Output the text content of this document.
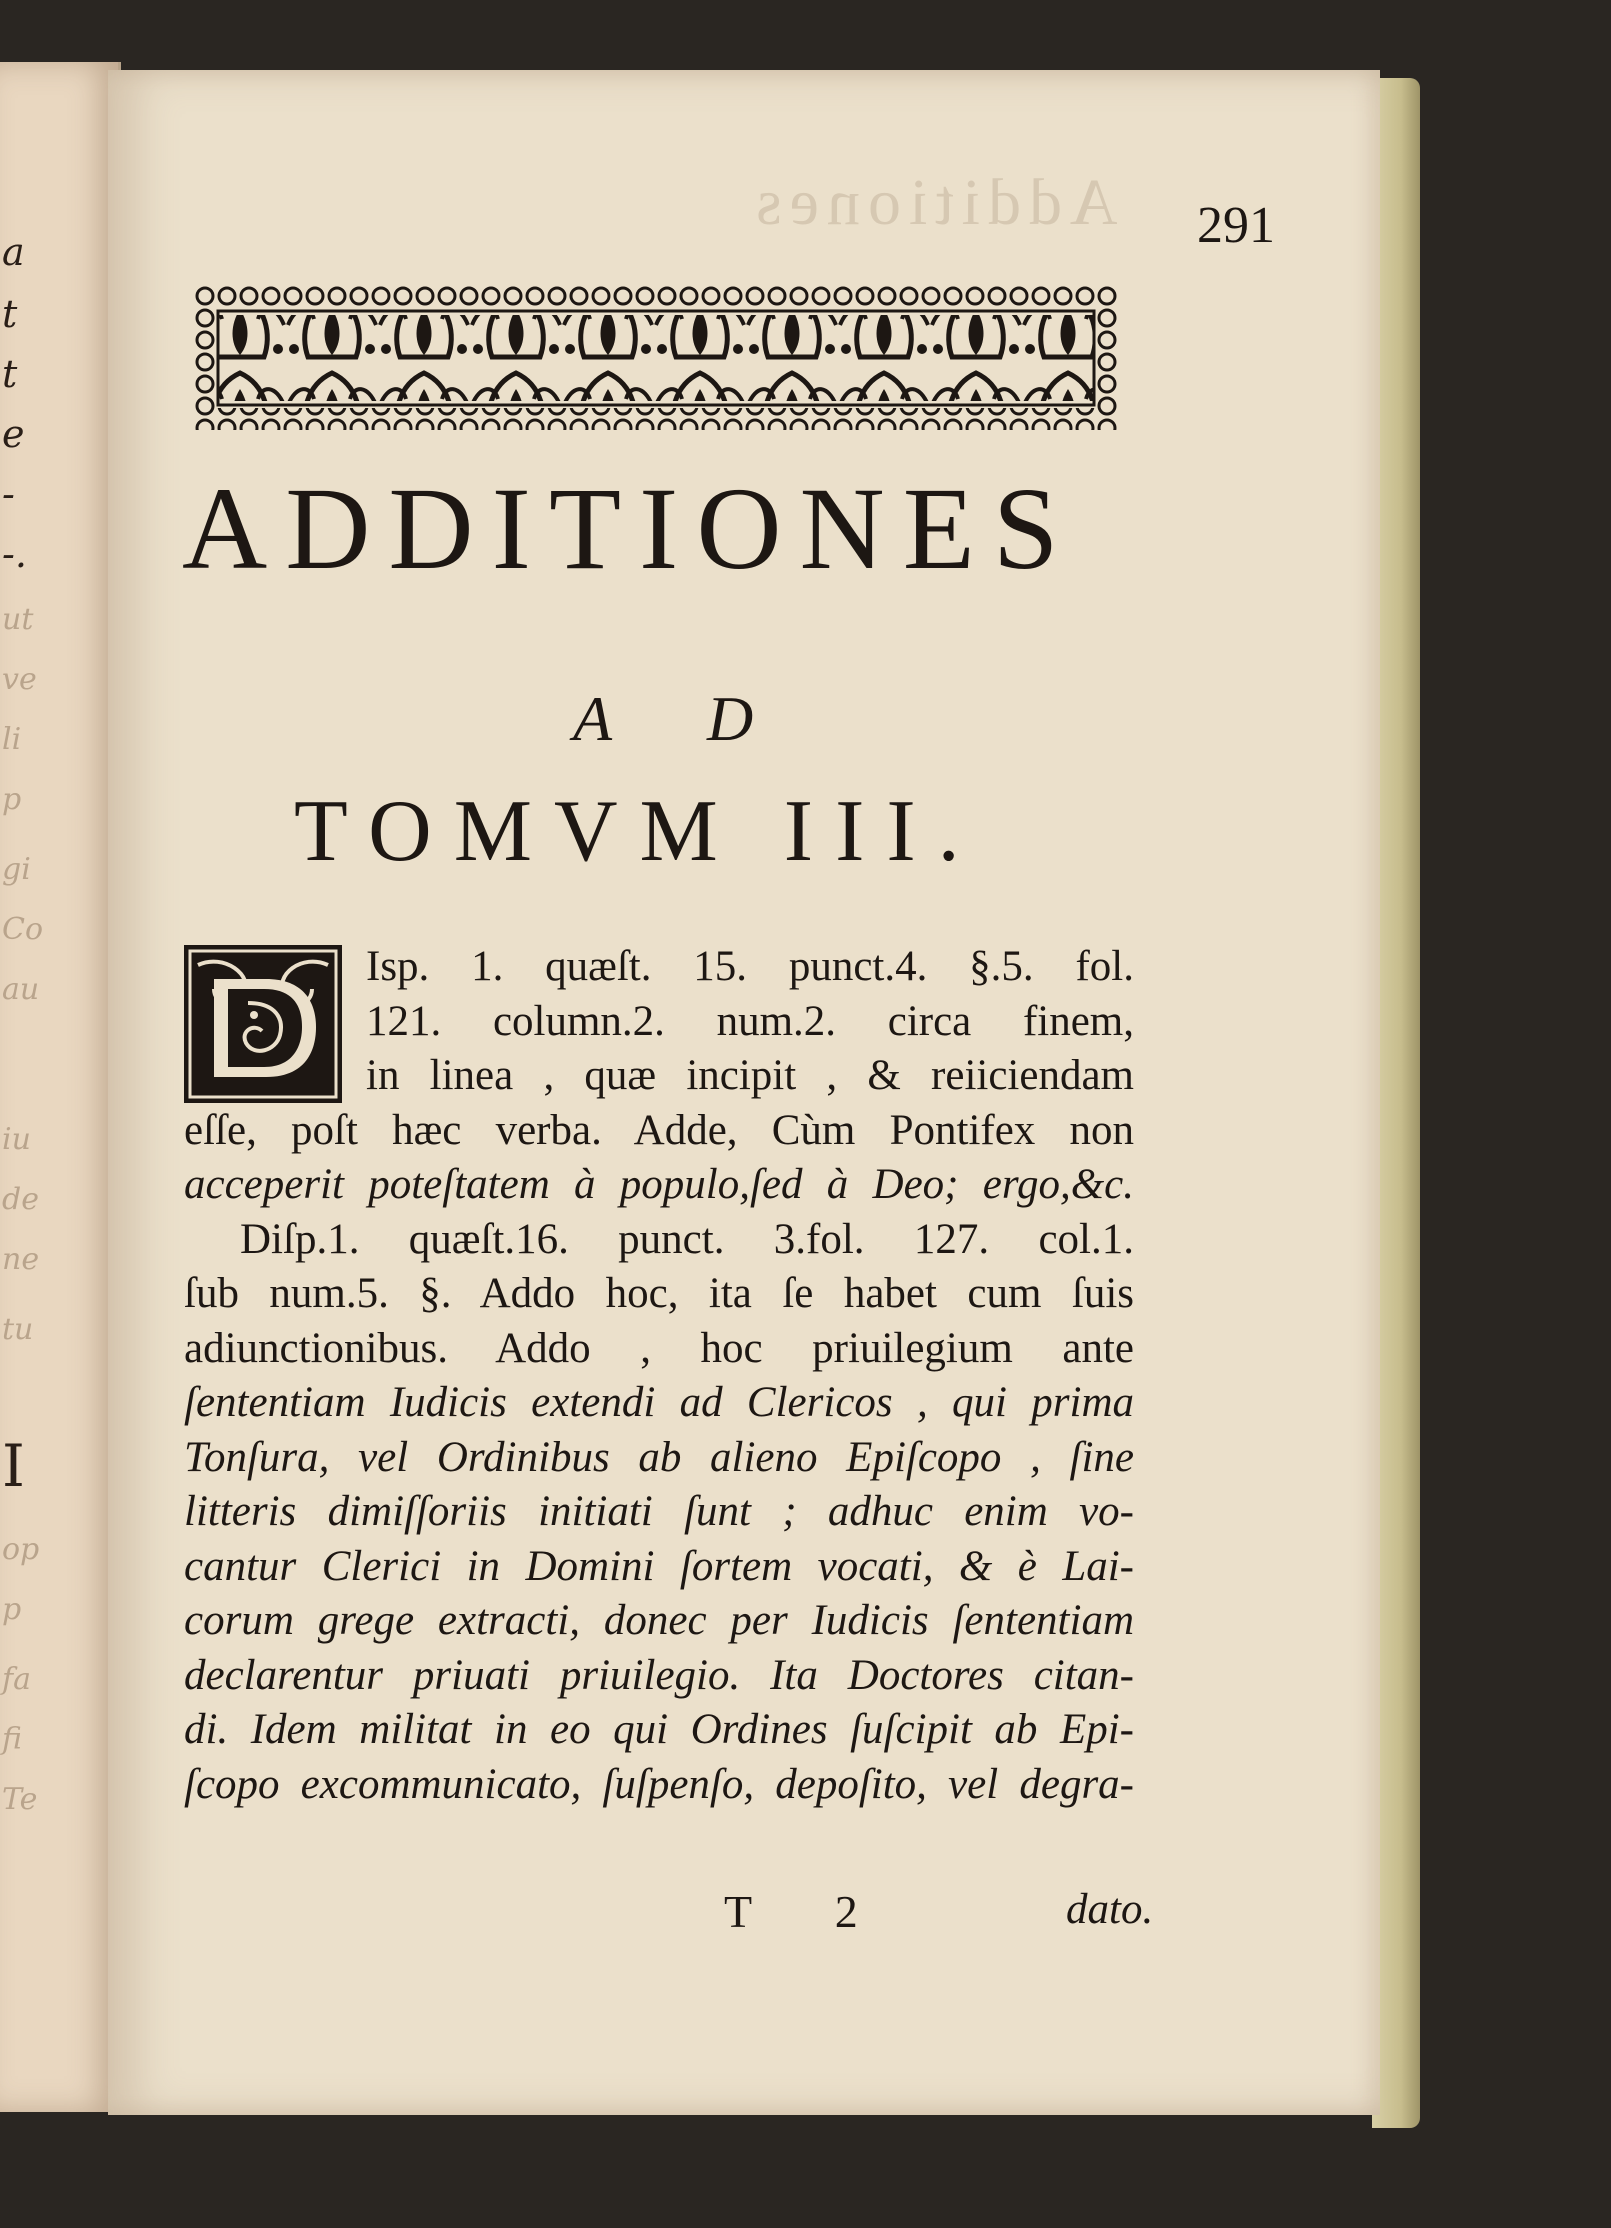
a
t
t
e
-
-.
ut
ve
li
p
gi
Co
au
iu
de
ne
tu
I
op
p
fa
fi
Te
Additiones 291
ADDITIONES
A D
TOMVM III.
D
Isp. 1. quæſt. 15. punct.4. §.5. fol.
121. column.2. num.2. circa finem,
in linea , quæ incipit , & reiiciendam
eſſe, poſt hæc verba. Adde, Cùm Pontifex non
acceperit poteſtatem à populo,ſed à Deo; ergo,&c.
Diſp.1. quæſt.16. punct. 3.fol. 127. col.1.
ſub num.5. §. Addo hoc, ita ſe habet cum ſuis
adiunctionibus. Addo , hoc priuilegium ante
ſententiam Iudicis extendi ad Clericos , qui prima
Tonſura, vel Ordinibus ab alieno Epiſcopo , ſine
litteris dimiſſoriis initiati ſunt ; adhuc enim vo-
cantur Clerici in Domini ſortem vocati, & è Lai-
corum grege extracti, donec per Iudicis ſententiam
declarentur priuati priuilegio. Ita Doctores citan-
di. Idem militat in eo qui Ordines ſuſcipit ab Epi-
ſcopo excommunicato, ſuſpenſo, depoſito, vel degra-
T 2	dato.
